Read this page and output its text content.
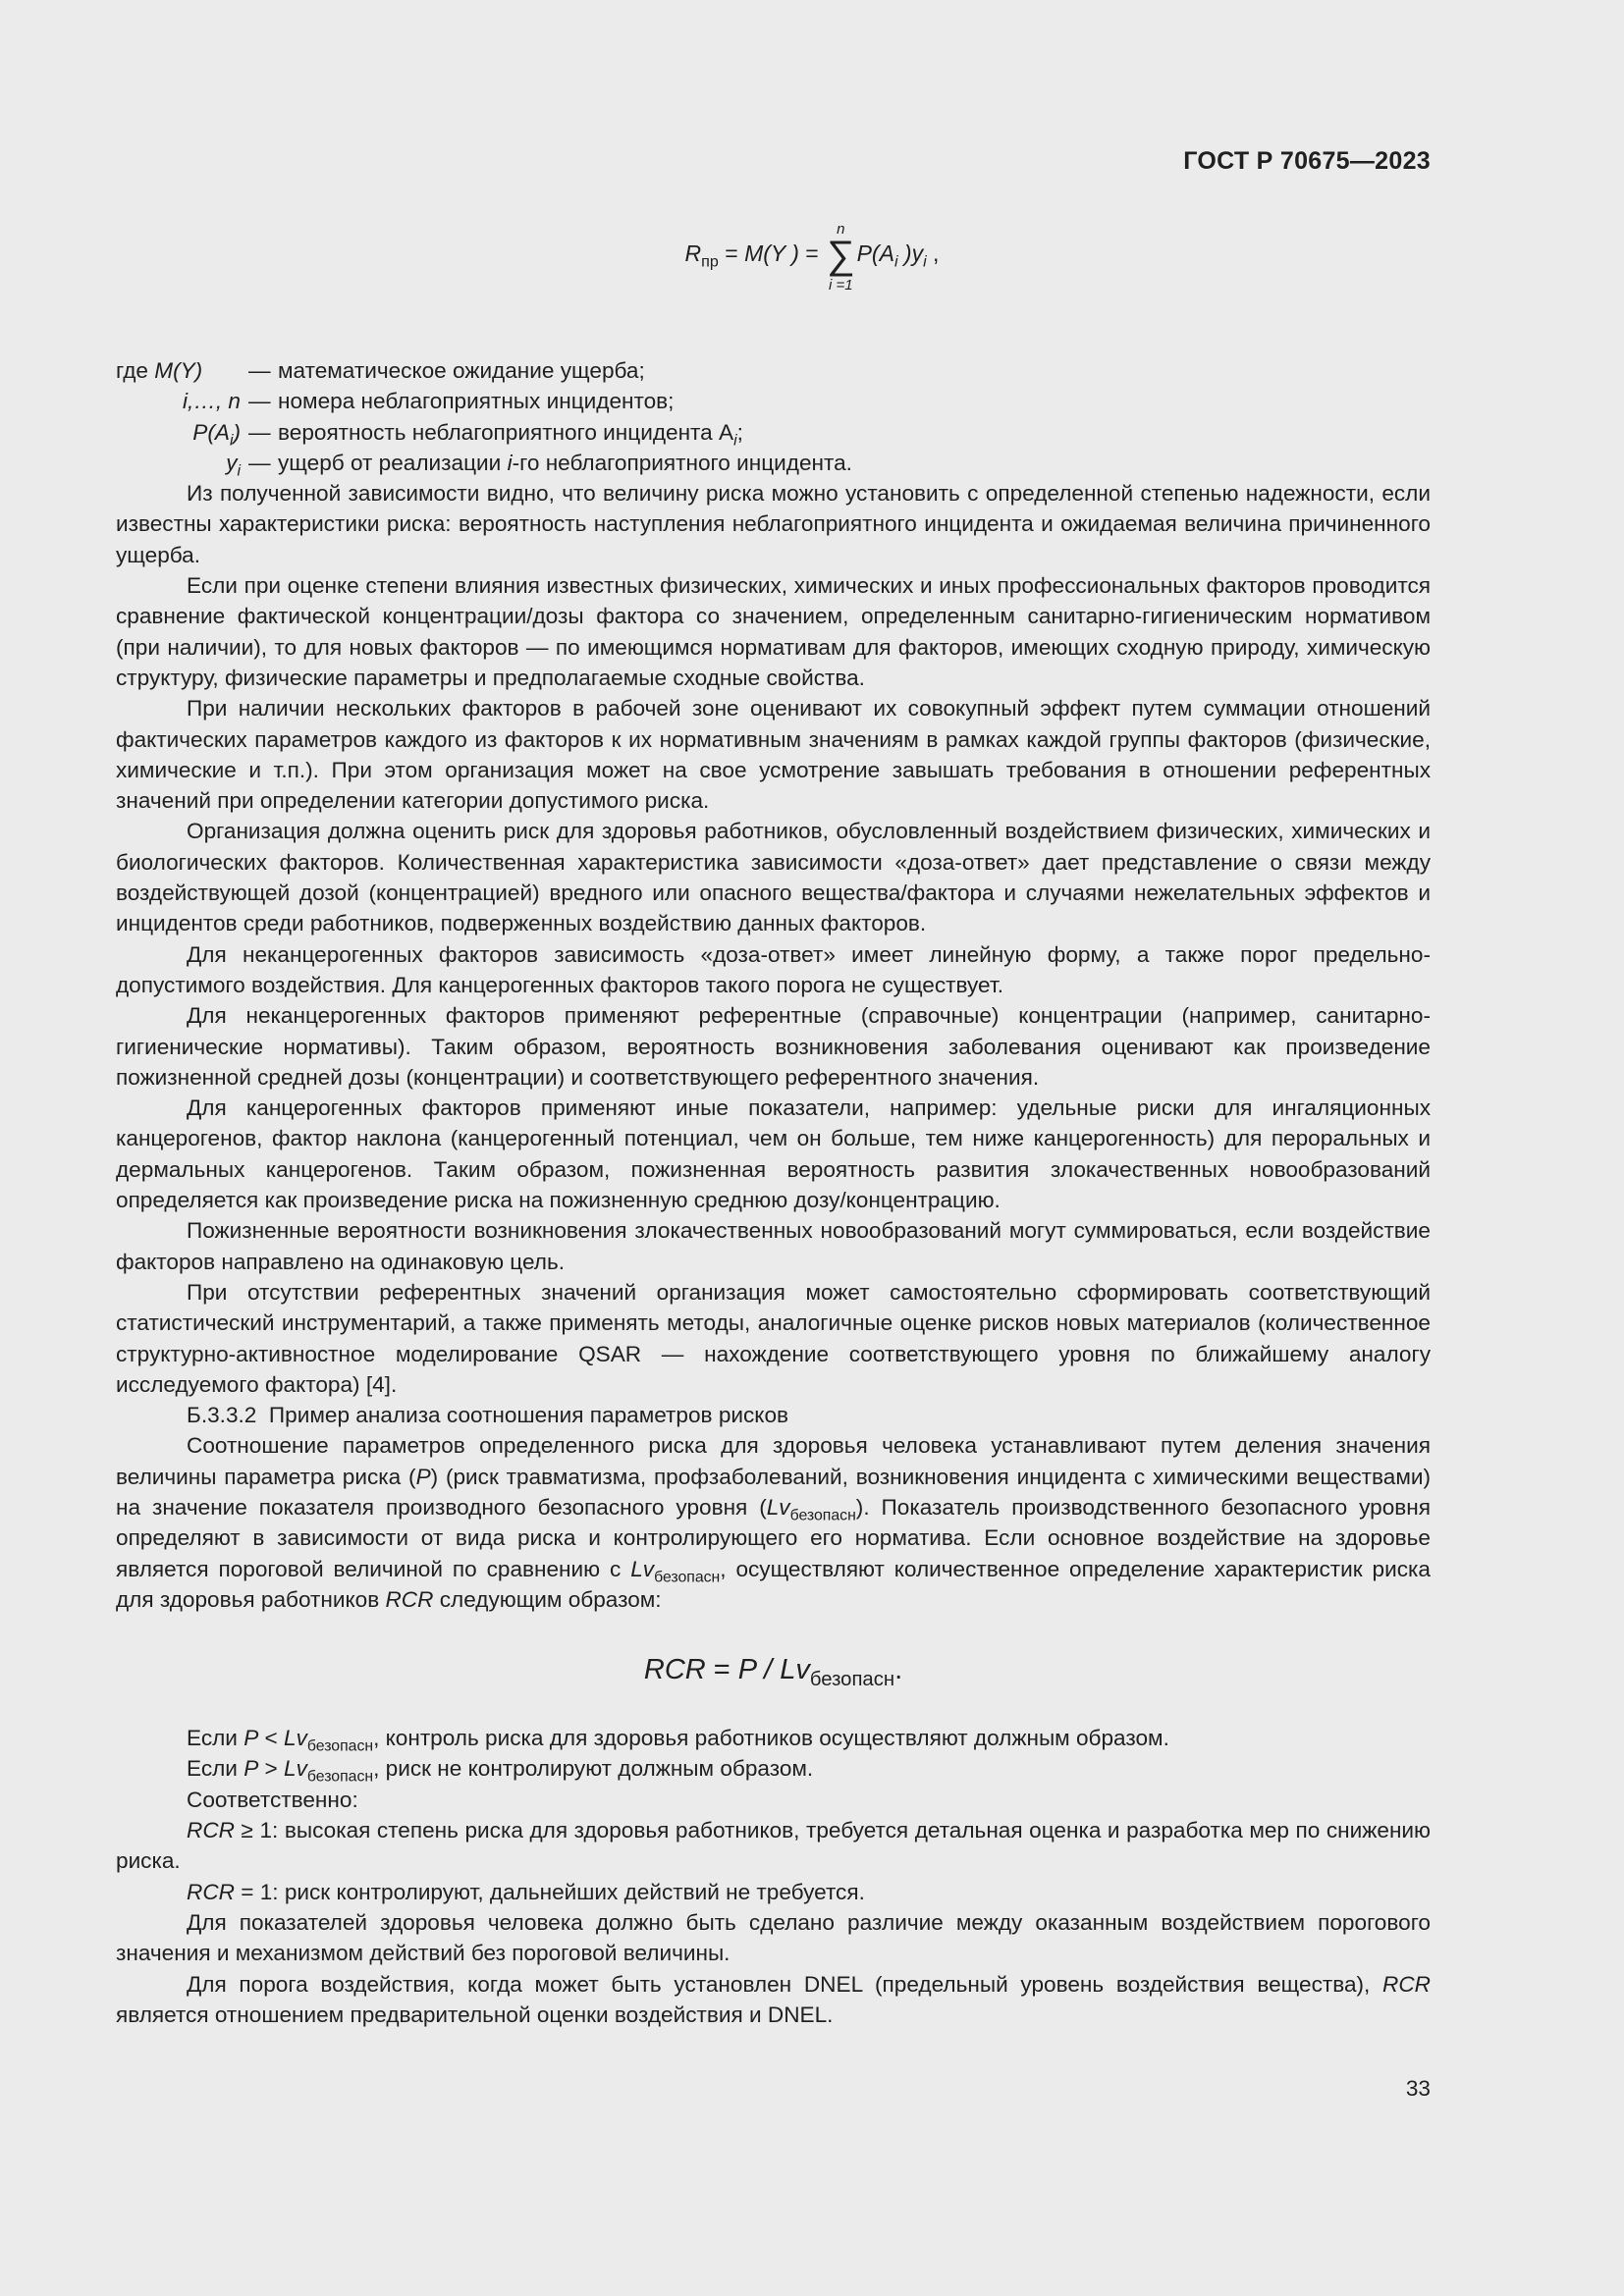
ГОСТ Р 70675—2023
$R_{пр} = M(Y$ ) = ∑
n
i =1
$P(A_i$ )$y_i$ ,
где M(Y)	— математическое ожидание ущерба;
i,…, n — номера неблагоприятных инцидентов;
$P(A_i)$ — вероятность неблагоприятного инцидента $A_i$;
$y_i$ — ущерб от реализации i-го неблагоприятного инцидента.

Из полученной зависимости видно, что величину риска можно установить с определенной степенью надежности, если известны характеристики риска: вероятность наступления неблагоприятного инцидента и ожидаемая величина причиненного ущерба.

Если при оценке степени влияния известных физических, химических и иных профессиональных факторов проводится сравнение фактической концентрации/дозы фактора со значением, определенным санитарно-гигиеническим нормативом (при наличии), то для новых факторов — по имеющимся нормативам для факторов, имеющих сходную природу, химическую структуру, физические параметры и предполагаемые сходные свойства.

При наличии нескольких факторов в рабочей зоне оценивают их совокупный эффект путем суммации отношений фактических параметров каждого из факторов к их нормативным значениям в рамках каждой группы факторов (физические, химические и т.п.). При этом организация может на свое усмотрение завышать требования в отношении референтных значений при определении категории допустимого риска.

Организация должна оценить риск для здоровья работников, обусловленный воздействием физических, химических и биологических факторов. Количественная характеристика зависимости «доза-ответ» дает представление о связи между воздействующей дозой (концентрацией) вредного или опасного вещества/фактора и случаями нежелательных эффектов и инцидентов среди работников, подверженных воздействию данных факторов.

Для неканцерогенных факторов зависимость «доза-ответ» имеет линейную форму, а также порог предельно-допустимого воздействия. Для канцерогенных факторов такого порога не существует.

Для неканцерогенных факторов применяют референтные (справочные) концентрации (например, санитарно-гигиенические нормативы). Таким образом, вероятность возникновения заболевания оценивают как произведение пожизненной средней дозы (концентрации) и соответствующего референтного значения.

Для канцерогенных факторов применяют иные показатели, например: удельные риски для ингаляционных канцерогенов, фактор наклона (канцерогенный потенциал, чем он больше, тем ниже канцерогенность) для пероральных и дермальных канцерогенов. Таким образом, пожизненная вероятность развития злокачественных новообразований определяется как произведение риска на пожизненную среднюю дозу/концентрацию.

Пожизненные вероятности возникновения злокачественных новообразований могут суммироваться, если воздействие факторов направлено на одинаковую цель.

При отсутствии референтных значений организация может самостоятельно сформировать соответствующий статистический инструментарий, а также применять методы, аналогичные оценке рисков новых материалов (количественное структурно-активностное моделирование QSAR — нахождение соответствующего уровня по ближайшему аналогу исследуемого фактора) [4].

Б.3.3.2 Пример анализа соотношения параметров рисков

Соотношение параметров определенного риска для здоровья человека устанавливают путем деления значения величины параметра риска (P) (риск травматизма, профзаболеваний, возникновения инцидента с химическими веществами) на значение показателя производного безопасного уровня $(Lv_{безопасн})$. Показатель производственного безопасного уровня определяют в зависимости от вида риска и контролирующего его норматива. Если основное воздействие на здоровье является пороговой величиной по сравнению с $Lv_{безопасн}$, осуществляют количественное определение характеристик риска для здоровья работников RCR следующим образом:

RCR = P / $Lv_{безопасн}$.

Если $P < Lv_{безопасн}$, контроль риска для здоровья работников осуществляют должным образом.

Если $P > Lv_{безопасн}$, риск не контролируют должным образом.

Соответственно:

RCR ≥ 1: высокая степень риска для здоровья работников, требуется детальная оценка и разработка мер по снижению риска.

RCR = 1: риск контролируют, дальнейших действий не требуется.

Для показателей здоровья человека должно быть сделано различие между оказанным воздействием порогового значения и механизмом действий без пороговой величины.

Для порога воздействия, когда может быть установлен DNEL (предельный уровень воздействия вещества), RCR является отношением предварительной оценки воздействия и DNEL.

33
